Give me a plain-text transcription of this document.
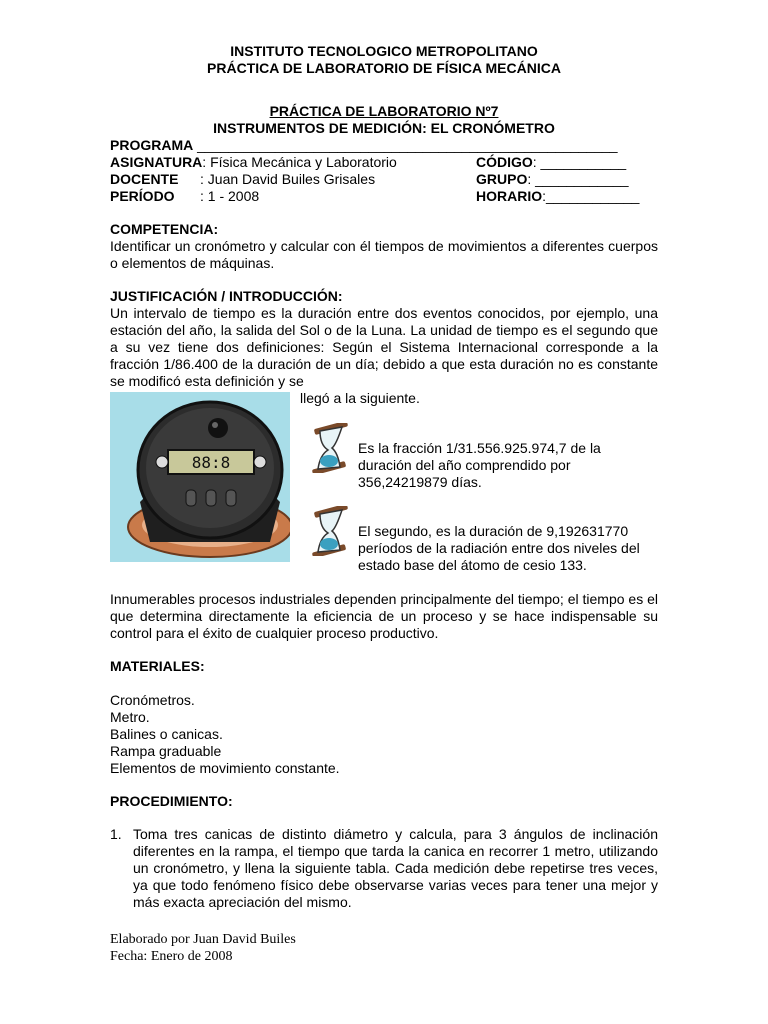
INSTITUTO TECNOLOGICO METROPOLITANO
PRÁCTICA DE LABORATORIO DE FÍSICA MECÁNICA
PRÁCTICA DE LABORATORIO Nº7
INSTRUMENTOS DE MEDICIÓN: EL CRONÓMETRO
PROGRAMA ______________________________________________________
ASIGNATURA: Física Mecánica y Laboratorio	CÓDIGO: ___________
DOCENTE : Juan David Builes Grisales	GRUPO: ____________
PERÍODO : 1 - 2008	HORARIO:____________
COMPETENCIA:
Identificar un cronómetro y calcular con él tiempos de movimientos a diferentes cuerpos o elementos de máquinas.
JUSTIFICACIÓN / INTRODUCCIÓN:
Un intervalo de tiempo es la duración entre dos eventos conocidos, por ejemplo, una estación del año, la salida del Sol o de la Luna. La unidad de tiempo es el segundo que a su vez tiene dos definiciones: Según el Sistema Internacional corresponde a la fracción 1/86.400 de la duración de un día; debido a que esta duración no es constante se modificó esta definición y se
llegó a la siguiente.
88:8
Es la fracción 1/31.556.925.974,7 de la duración del año comprendido por 356,24219879 días.
El segundo, es la duración de 9,192631770 períodos de la radiación entre dos niveles del estado base del átomo de cesio 133.
Innumerables procesos industriales dependen principalmente del tiempo; el tiempo es el que determina directamente la eficiencia de un proceso y se hace indispensable su control para el éxito de cualquier proceso productivo.
MATERIALES:
Cronómetros.
Metro.
Balines o canicas.
Rampa graduable
Elementos de movimiento constante.
PROCEDIMIENTO:
1. Toma tres canicas de distinto diámetro y calcula, para 3 ángulos de inclinación diferentes en la rampa, el tiempo que tarda la canica en recorrer 1 metro, utilizando un cronómetro, y llena la siguiente tabla. Cada medición debe repetirse tres veces, ya que todo fenómeno físico debe observarse varias veces para tener una mejor y más exacta apreciación del mismo.
Elaborado por Juan David Builes
Fecha: Enero de 2008
